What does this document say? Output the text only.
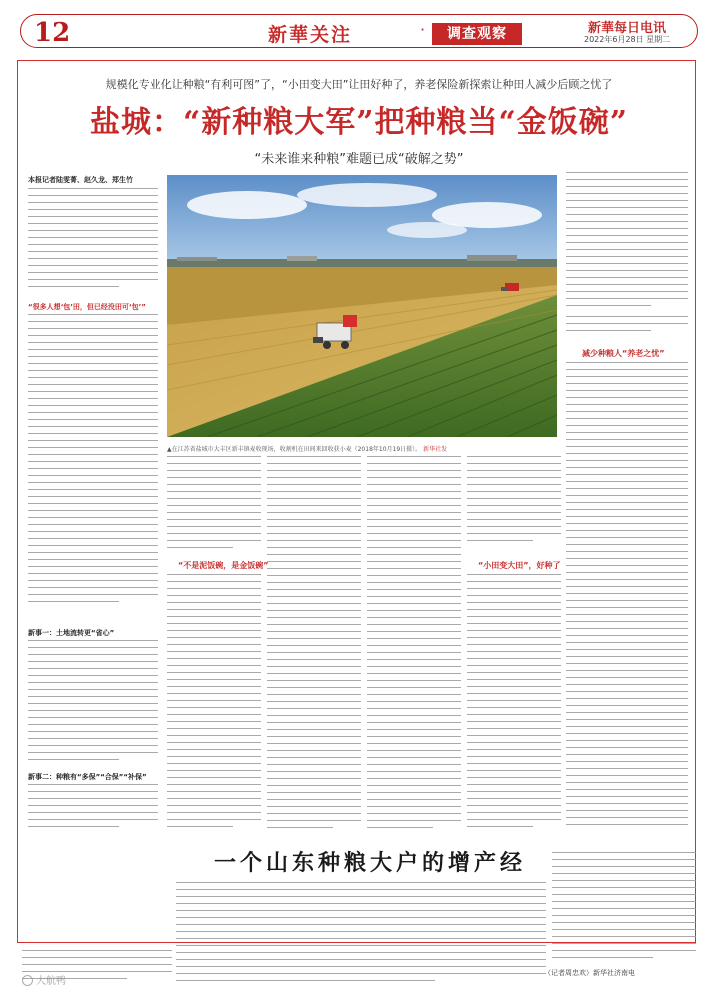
12	新華关注	·	调查观察	新華每日电讯
2022年6月28日 星期二
规模化专业化让种粮“有利可图”了，“小田变大田”让田好种了，养老保险新探索让种田人减少后顾之忧了
盐城：“新种粮大军”把种粮当“金饭碗”
“未来谁来种粮”难题已成“破解之势”
本报记者陆雯菁、赵久龙、郑生竹
▲在江苏省盐城市大丰区新丰镇麦收现场，收割机在田间来回收获小麦（2018年10月19日摄）。 新华社发
“很多人想‘包’田，但已经没田可‘包’”
新事一：土地流转更“省心”
新事二：种粮有“多保”“合保”“补保”
减少种粮人“养老之忧”
“不是泥饭碗，是金饭碗”	“小田变大田”，好种了
一个山东种粮大户的增产经
（记者周忠欢）新华社济南电
大航鸭
